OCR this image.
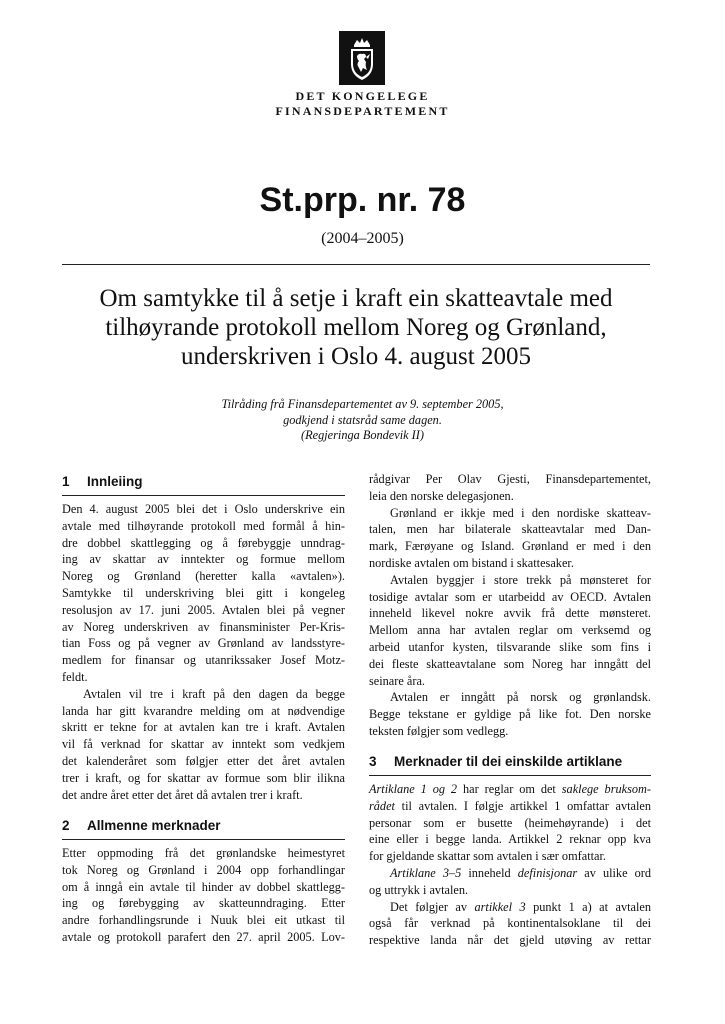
DET KONGELEGE
FINANSDEPARTEMENT
St.prp. nr. 78
(2004–2005)
Om samtykke til å setje i kraft ein skatteavtale med
tilhøyrande protokoll mellom Noreg og Grønland,
underskriven i Oslo 4. august 2005
Tilråding frå Finansdepartementet av 9. september 2005,
godkjend i statsråd same dagen.
(Regjeringa Bondevik II)
1 Innleiing
Den 4. august 2005 blei det i Oslo underskrive ein
avtale med tilhøyrande protokoll med formål å hin-
dre dobbel skattlegging og å førebyggje unndrag-
ing av skattar av inntekter og formue mellom
Noreg og Grønland (heretter kalla «avtalen»).
Samtykke til underskriving blei gitt i kongeleg
resolusjon av 17. juni 2005. Avtalen blei på vegner
av Noreg underskriven av finansminister Per-Kris-
tian Foss og på vegner av Grønland av landsstyre-
medlem for finansar og utanrikssaker Josef Motz-
feldt.
Avtalen vil tre i kraft på den dagen da begge
landa har gitt kvarandre melding om at nødvendige
skritt er tekne for at avtalen kan tre i kraft. Avtalen
vil få verknad for skattar av inntekt som vedkjem
det kalenderåret som følgjer etter det året avtalen
trer i kraft, og for skattar av formue som blir ilikna
det andre året etter det året då avtalen trer i kraft.
2 Allmenne merknader
Etter oppmoding frå det grønlandske heimestyret
tok Noreg og Grønland i 2004 opp forhandlingar
om å inngå ein avtale til hinder av dobbel skattlegg-
ing og førebygging av skatteunndraging. Etter
andre forhandlingsrunde i Nuuk blei eit utkast til
avtale og protokoll parafert den 27. april 2005. Lov-
rådgivar Per Olav Gjesti, Finansdepartementet,
leia den norske delegasjonen.
Grønland er ikkje med i den nordiske skatteav-
talen, men har bilaterale skatteavtalar med Dan-
mark, Færøyane og Island. Grønland er med i den
nordiske avtalen om bistand i skattesaker.
Avtalen byggjer i store trekk på mønsteret for
tosidige avtalar som er utarbeidd av OECD. Avtalen
inneheld likevel nokre avvik frå dette mønsteret.
Mellom anna har avtalen reglar om verksemd og
arbeid utanfor kysten, tilsvarande slike som fins i
dei fleste skatteavtalane som Noreg har inngått del
seinare åra.
Avtalen er inngått på norsk og grønlandsk.
Begge tekstane er gyldige på like fot. Den norske
teksten følgjer som vedlegg.
3 Merknader til dei einskilde artiklane
Artiklane 1 og 2 har reglar om det saklege bruksom-
rådet til avtalen. I følgje artikkel 1 omfattar avtalen
personar som er busette (heimehøyrande) i det
eine eller i begge landa. Artikkel 2 reknar opp kva
for gjeldande skattar som avtalen i sær omfattar.
Artiklane 3–5 inneheld definisjonar av ulike ord
og uttrykk i avtalen.
Det følgjer av artikkel 3 punkt 1 a) at avtalen
også får verknad på kontinentalsoklane til dei
respektive landa når det gjeld utøving av rettar
